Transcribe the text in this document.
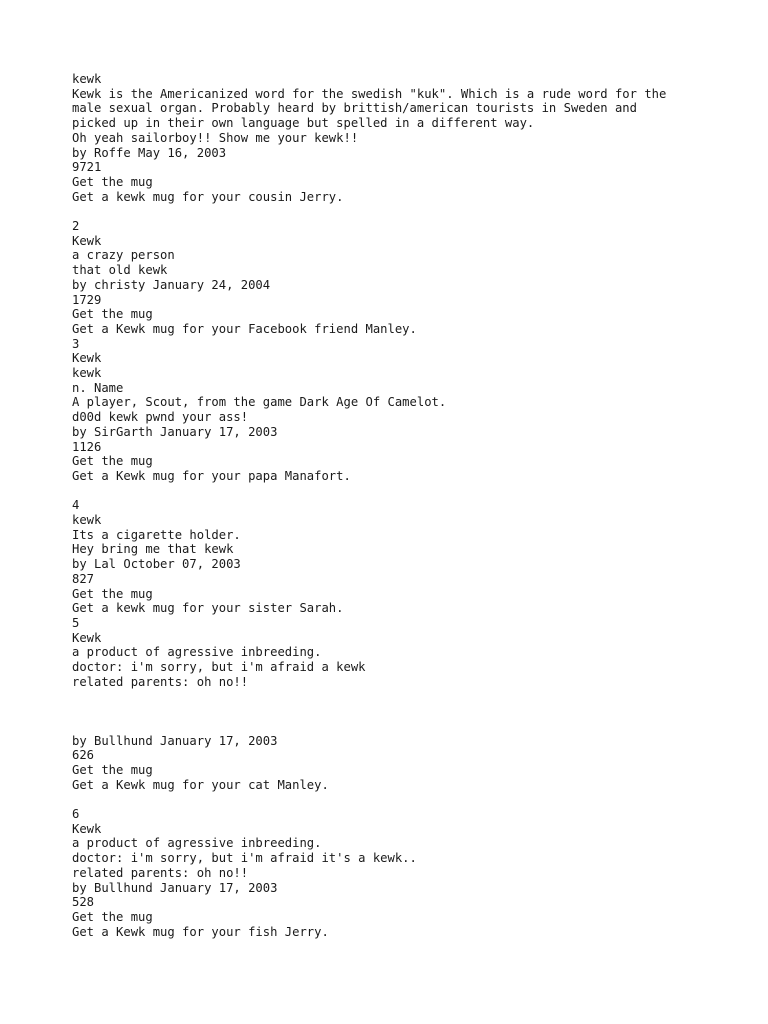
kewk
Kewk is the Americanized word for the swedish "kuk". Which is a rude word for the
male sexual organ. Probably heard by brittish/american tourists in Sweden and
picked up in their own language but spelled in a different way.
Oh yeah sailorboy!! Show me your kewk!!
by Roffe May 16, 2003
9721
Get the mug
Get a kewk mug for your cousin Jerry.
2
Kewk
a crazy person
that old kewk
by christy January 24, 2004
1729
Get the mug
Get a Kewk mug for your Facebook friend Manley.
3
Kewk
kewk
n. Name
A player, Scout, from the game Dark Age Of Camelot.
d00d kewk pwnd your ass!
by SirGarth January 17, 2003
1126
Get the mug
Get a Kewk mug for your papa Manafort.
4
kewk
Its a cigarette holder.
Hey bring me that kewk
by Lal October 07, 2003
827
Get the mug
Get a kewk mug for your sister Sarah.
5
Kewk
a product of agressive inbreeding.
doctor: i'm sorry, but i'm afraid a kewk
related parents: oh no!!
by Bullhund January 17, 2003
626
Get the mug
Get a Kewk mug for your cat Manley.
6
Kewk
a product of agressive inbreeding.
doctor: i'm sorry, but i'm afraid it's a kewk..
related parents: oh no!!
by Bullhund January 17, 2003
528
Get the mug
Get a Kewk mug for your fish Jerry.
